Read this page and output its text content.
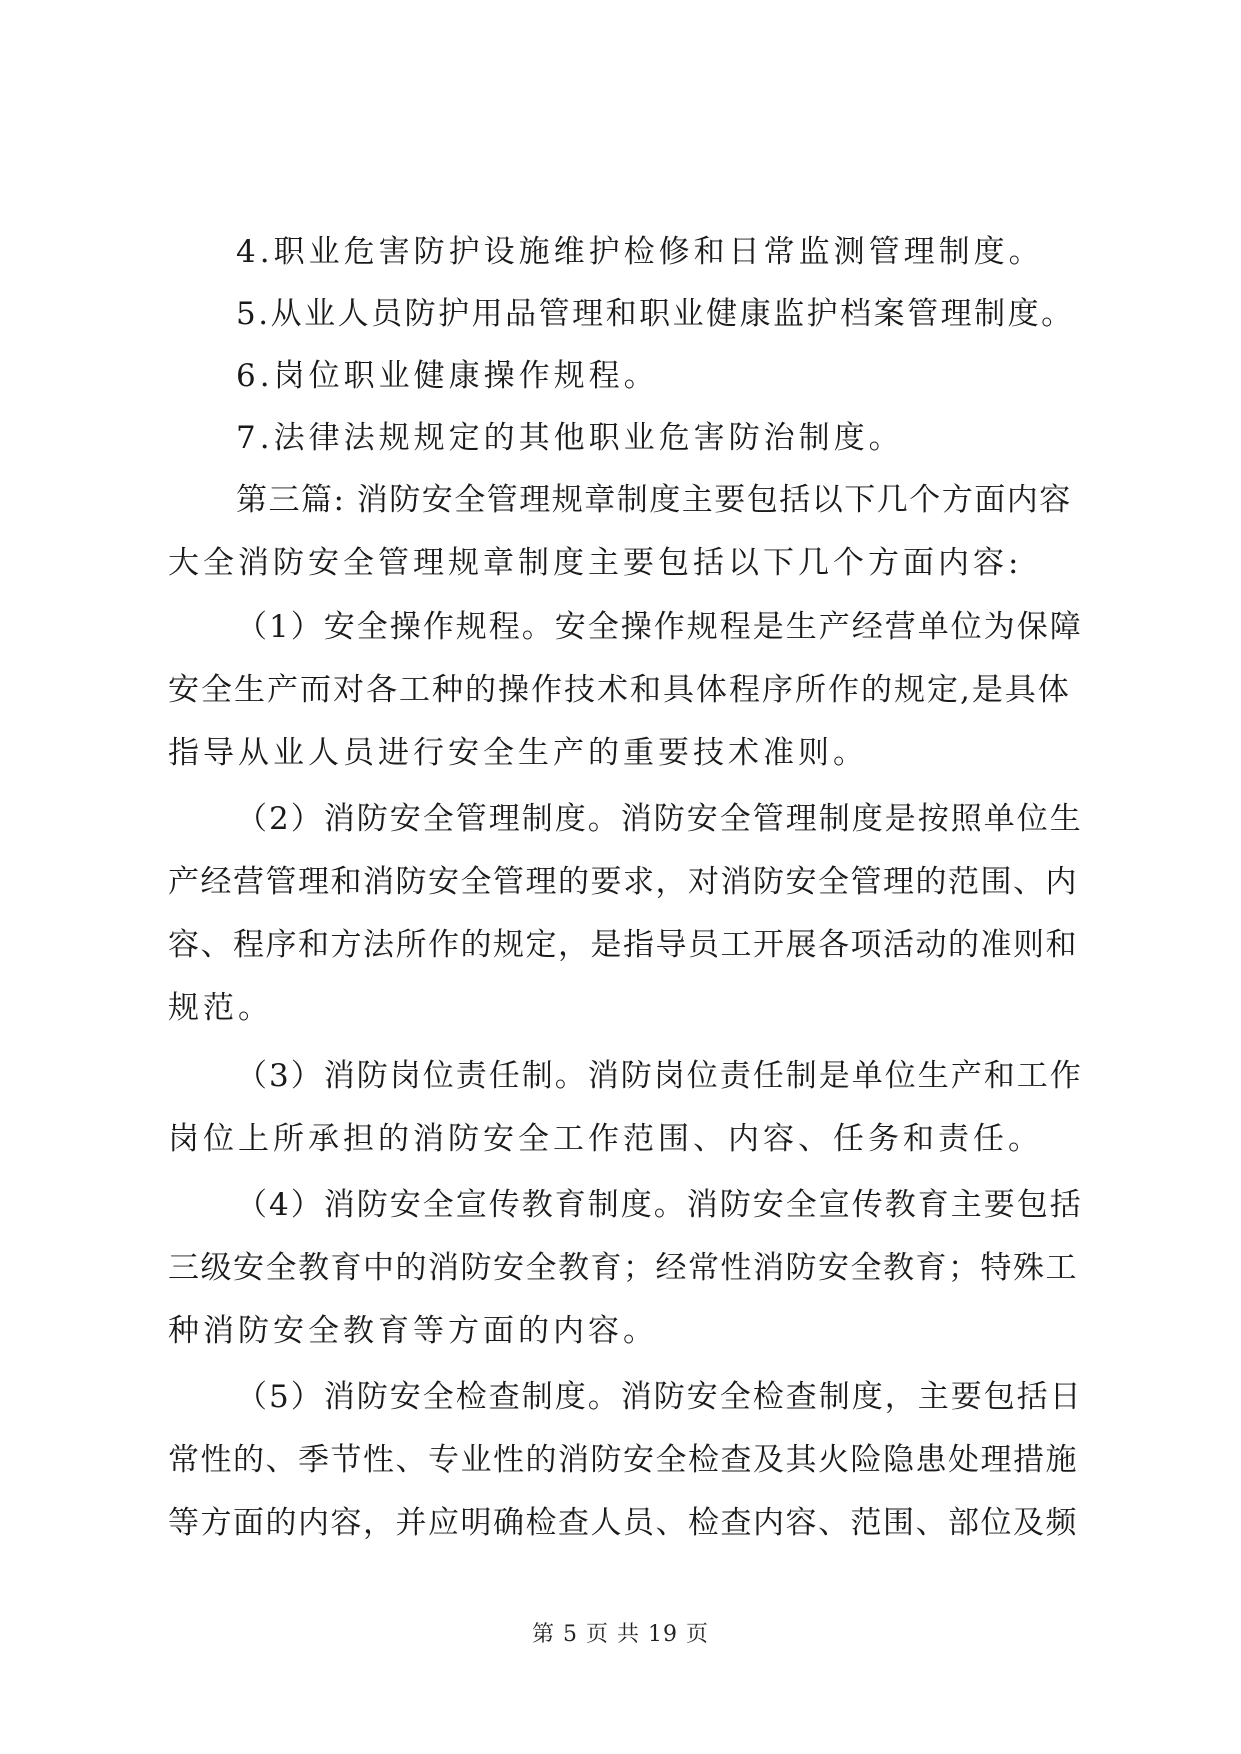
4.职业危害防护设施维护检修和日常监测管理制度。
5.从业人员防护用品管理和职业健康监护档案管理制度。
6.岗位职业健康操作规程。
7.法律法规规定的其他职业危害防治制度。
第三篇: 消防安全管理规章制度主要包括以下几个方面内容
大全消防安全管理规章制度主要包括以下几个方面内容:
（1）安全操作规程。安全操作规程是生产经营单位为保障
安全生产而对各工种的操作技术和具体程序所作的规定,是具体
指导从业人员进行安全生产的重要技术准则。
（2）消防安全管理制度。消防安全管理制度是按照单位生
产经营管理和消防安全管理的要求，对消防安全管理的范围、内
容、程序和方法所作的规定，是指导员工开展各项活动的准则和
规范。
（3）消防岗位责任制。消防岗位责任制是单位生产和工作
岗位上所承担的消防安全工作范围、内容、任务和责任。
（4）消防安全宣传教育制度。消防安全宣传教育主要包括
三级安全教育中的消防安全教育；经常性消防安全教育；特殊工
种消防安全教育等方面的内容。
（5）消防安全检查制度。消防安全检查制度，主要包括日
常性的、季节性、专业性的消防安全检查及其火险隐患处理措施
等方面的内容，并应明确检查人员、检查内容、范围、部位及频
第 5 页 共 19 页
